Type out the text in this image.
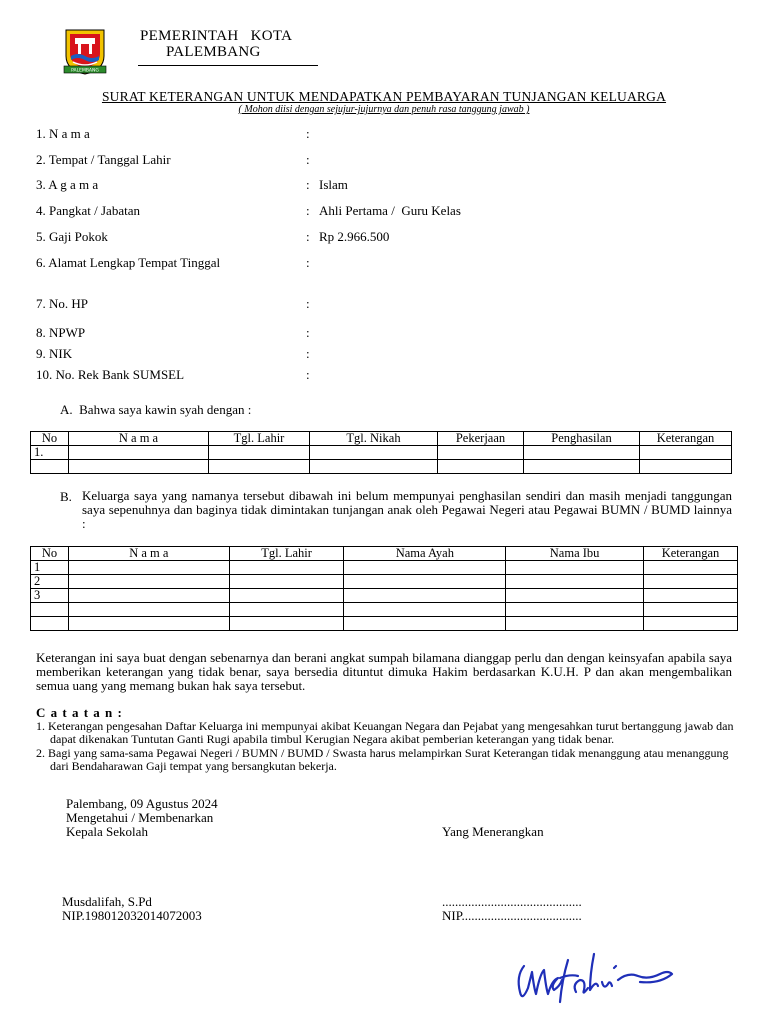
PALEMBANG
PEMERINTAH   KOTA
PALEMBANG
SURAT KETERANGAN UNTUK MENDAPATKAN PEMBAYARAN TUNJANGAN KELUARGA
( Mohon diisi dengan sejujur-jujurnya dan penuh rasa tanggung jawab )
1. N a m a	:
2. Tempat / Tanggal Lahir	:
3. A g a m a	: Islam
4. Pangkat / Jabatan	: Ahli Pertama /  Guru Kelas
5. Gaji Pokok	: Rp 2.966.500
6. Alamat Lengkap Tempat Tinggal	:
7. No. HP	:
8. NPWP	:
9. NIK	:
10. No. Rek Bank SUMSEL	:
A.  Bahwa saya kawin syah dengan :
No	N a m a	Tgl. Lahir	Tgl. Nikah	Pekerjaan	Penghasilan	Keterangan
1.						

B. Keluarga saya yang namanya tersebut dibawah ini belum mempunyai penghasilan sendiri dan masih menjadi tanggungan saya sepenuhnya dan baginya tidak dimintakan tunjangan anak oleh Pegawai Negeri atau Pegawai BUMN / BUMD lainnya :
No	N a m a	Tgl. Lahir	Nama Ayah	Nama Ibu	Keterangan
1					
2					
3					

Keterangan ini saya buat dengan sebenarnya dan berani angkat sumpah bilamana dianggap perlu dan dengan keinsyafan apabila saya memberikan keterangan yang tidak benar, saya bersedia dituntut dimuka Hakim berdasarkan K.U.H. P dan akan mengembalikan semua uang yang memang bukan hak saya tersebut.
C a t a t a n :
1. Keterangan pengesahan Daftar Keluarga ini mempunyai akibat Keuangan Negara dan Pejabat yang mengesahkan turut bertanggung jawab dan dapat dikenakan Tuntutan Ganti Rugi apabila timbul Kerugian Negara akibat pemberian keterangan yang tidak benar.
2. Bagi yang sama-sama Pegawai Negeri / BUMN / BUMD / Swasta harus melampirkan Surat Keterangan tidak menanggung atau menanggung dari Bendaharawan Gaji tempat yang bersangkutan bekerja.
Palembang, 09 Agustus 2024
Mengetahui / Membenarkan
Kepala Sekolah	Yang Menerangkan
Musdalifah, S.Pd
NIP.198012032014072003
...........................................
NIP.....................................
